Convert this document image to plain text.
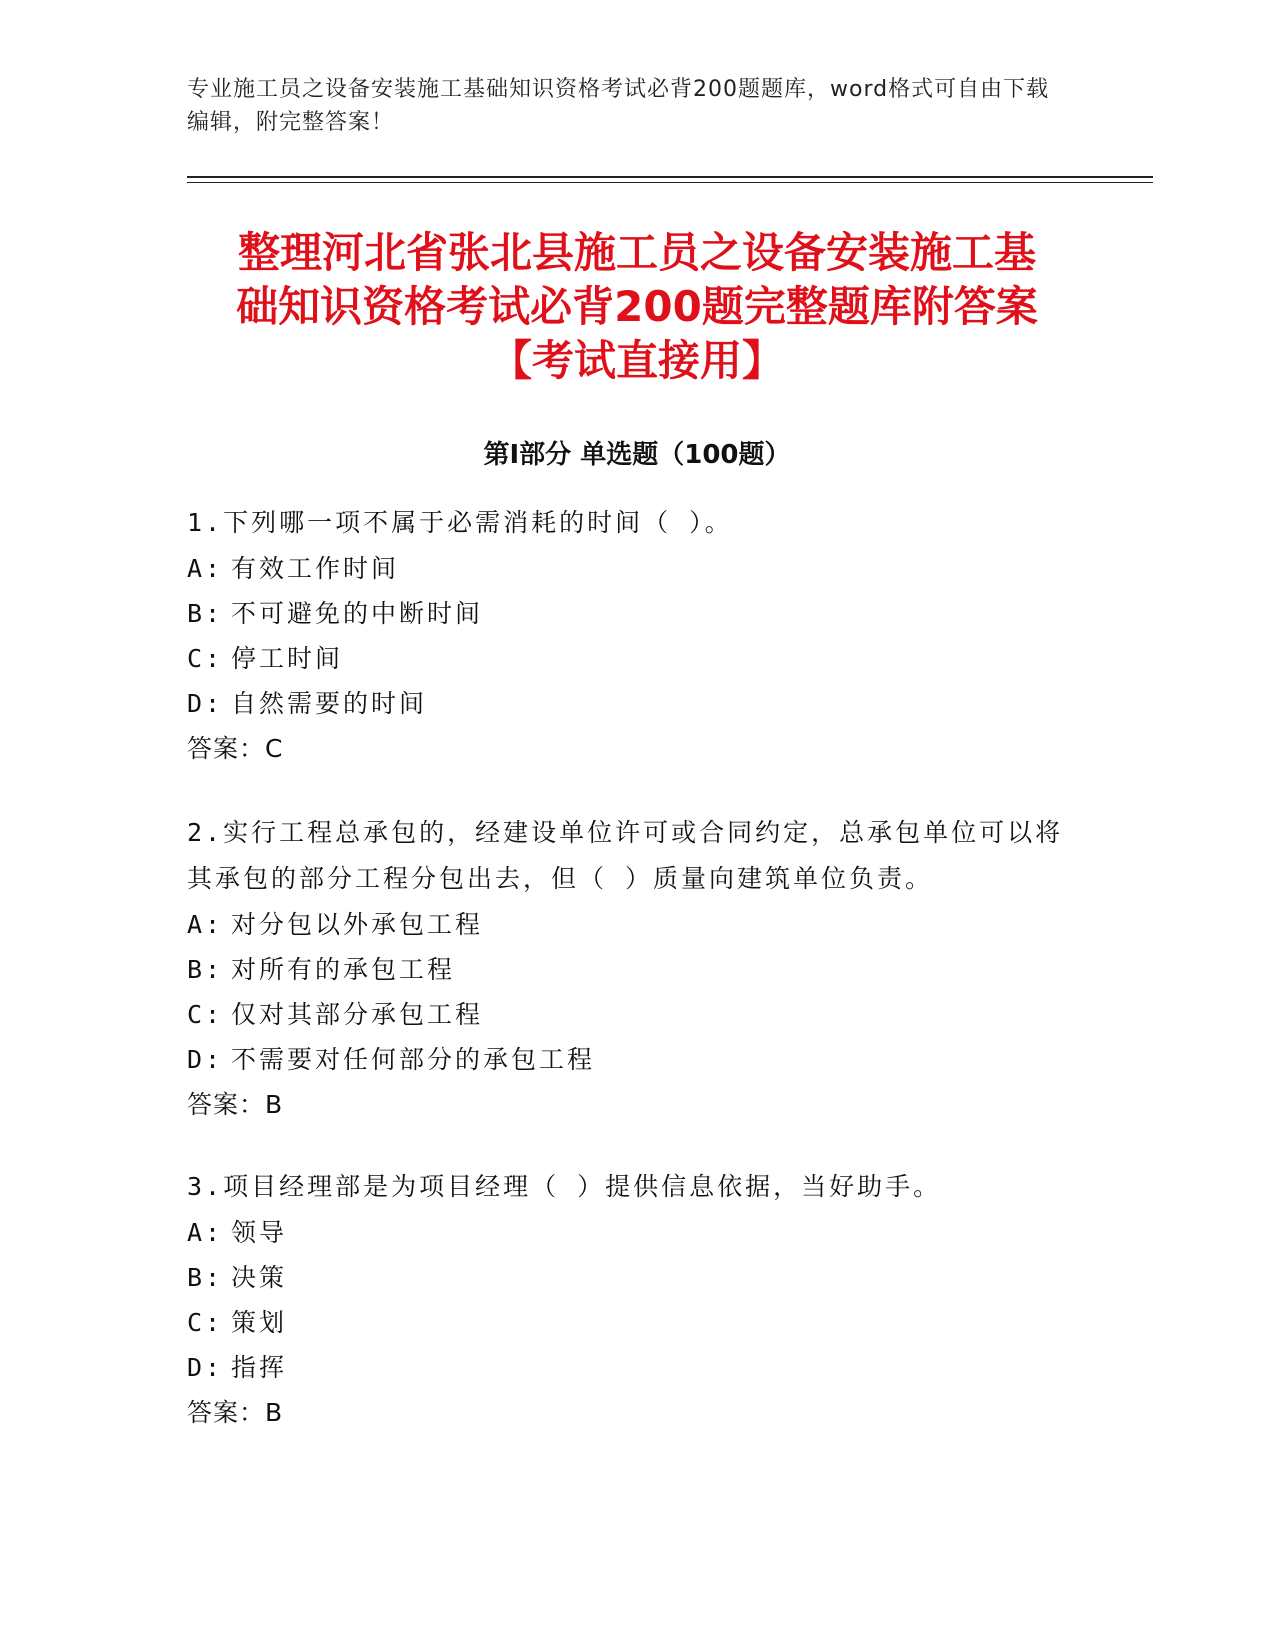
专业施工员之设备安装施工基础知识资格考试必背200题题库，word格式可自由下载编辑，附完整答案！
整理河北省张北县施工员之设备安装施工基
础知识资格考试必背200题完整题库附答案
【考试直接用】
第Ⅰ部分 单选题（100题）
1.下列哪一项不属于必需消耗的时间（ ）。
A: 有效工作时间
B: 不可避免的中断时间
C: 停工时间
D: 自然需要的时间
答案：C
2.实行工程总承包的，经建设单位许可或合同约定，总承包单位可以将其承包的部分工程分包出去，但（ ）质量向建筑单位负责。
A: 对分包以外承包工程
B: 对所有的承包工程
C: 仅对其部分承包工程
D: 不需要对任何部分的承包工程
答案：B
3.项目经理部是为项目经理（ ）提供信息依据，当好助手。
A: 领导
B: 决策
C: 策划
D: 指挥
答案：B
